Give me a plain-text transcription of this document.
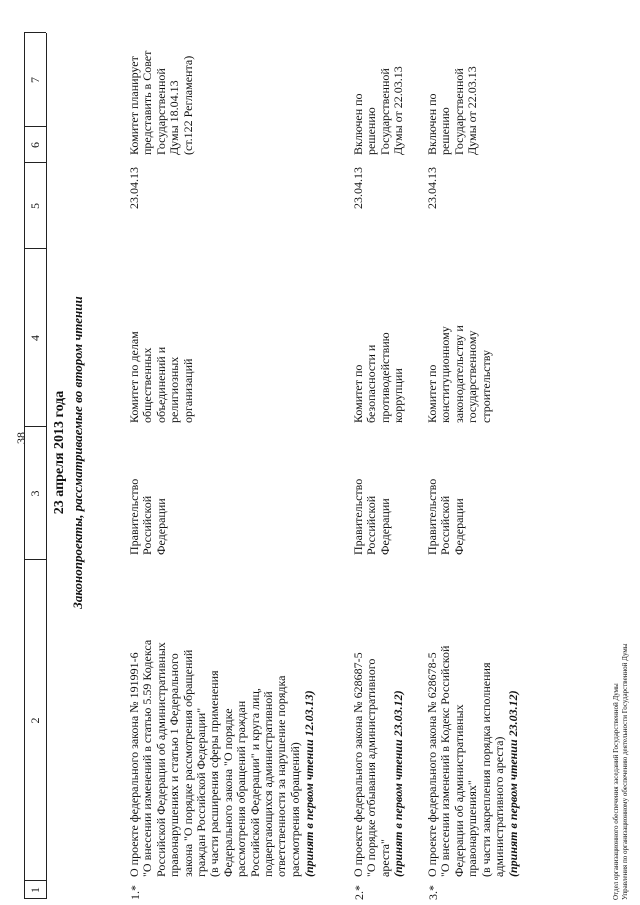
38
1
2
3
4
5
6
7
23 апреля 2013 года Законопроекты, рассматриваемые во втором чтении
1.*
О проекте федерального закона № 191991-6
"О внесении изменений в статью 5.59 Кодекса
Российской Федерации об административных
правонарушениях и статью 1 Федерального
закона "О порядке рассмотрения обращений
граждан Российской Федерации"
(в части расширения сферы применения
Федерального закона "О порядке
рассмотрения обращений граждан
Российской Федерации" и круга лиц,
подвергающихся административной
ответственности за нарушение порядка
рассмотрения обращений) (принят в первом чтении 12.03.13)
Правительство
Российской
Федерации
Комитет по делам
общественных
объединений и
религиозных
организаций
23.04.13
Комитет планирует
представить в Совет
Государственной
Думы 18.04.13
(ст.122 Регламента)
2.*
О проекте федерального закона № 628687-5
"О порядке отбывания административного
ареста" (принят в первом чтении 23.03.12)
Правительство
Российской
Федерации
Комитет по
безопасности и
противодействию
коррупции
23.04.13
Включен по
решению
Государственной
Думы от 22.03.13
3.*
О проекте федерального закона № 628678-5
"О внесении изменений в Кодекс Российской
Федерации об административных
правонарушениях"
(в части закрепления порядка исполнения
административного ареста) (принят в первом чтении 23.03.12)
Правительство
Российской
Федерации
Комитет по
конституционному
законодательству и
государственному
строительству
23.04.13
Включен по
решению
Государственной
Думы от 22.03.13
Отдел организационного обеспечения заседаний Государственной Думы Управления по организационному обеспечению деятельности Государственной Думы
